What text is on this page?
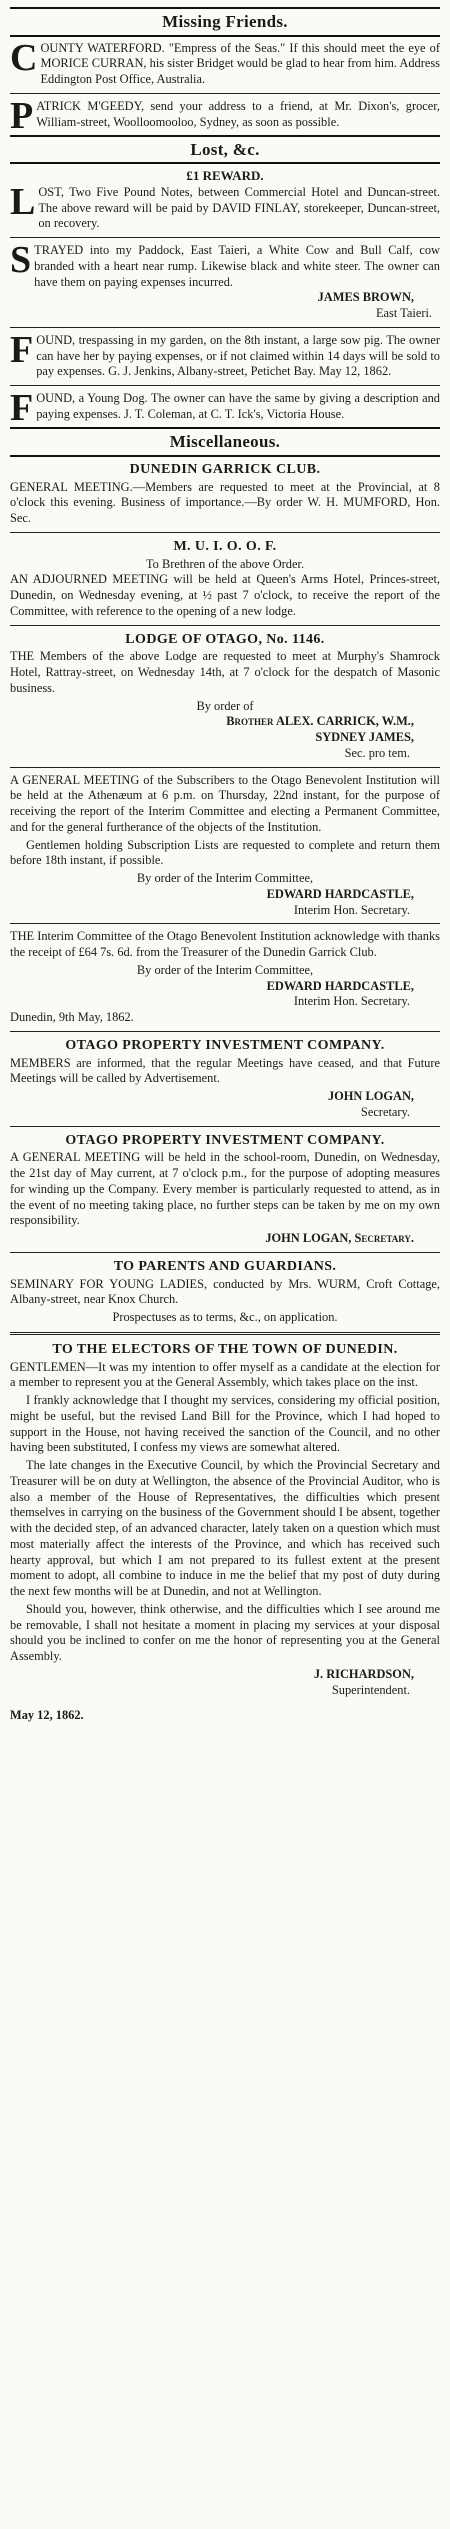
Missing Friends.
COUNTY WATERFORD. "Empress of the Seas." If this should meet the eye of MORICE CURRAN, his sister Bridget would be glad to hear from him. Address Eddington Post Office, Australia.
PATRICK M'GEEDY, send your address to a friend, at Mr. Dixon's, grocer, William-street, Woolloomooloo, Sydney, as soon as possible.
Lost, &c.
£1 REWARD.
LOST, Two Five Pound Notes, between Commercial Hotel and Duncan-street. The above reward will be paid by DAVID FINLAY, storekeeper, Duncan-street, on recovery.
STRAYED into my Paddock, East Taieri, a White Cow and Bull Calf, cow branded with a heart near rump. Likewise black and white steer. The owner can have them on paying expenses incurred.
JAMES BROWN,
East Taieri.
FOUND, trespassing in my garden, on the 8th instant, a large sow pig. The owner can have her by paying expenses, or if not claimed within 14 days will be sold to pay expenses. G. J. Jenkins, Albany-street, Petichet Bay. May 12, 1862.
FOUND, a Young Dog. The owner can have the same by giving a description and paying expenses. J. T. Coleman, at C. T. Ick's, Victoria House.
Miscellaneous.
DUNEDIN GARRICK CLUB.

GENERAL MEETING.—Members are requested to meet at the Provincial, at 8 o'clock this evening. Business of importance.—By order W. H. MUMFORD, Hon. Sec.

M. U. I. O. O. F.
To Brethren of the above Order.

AN ADJOURNED MEETING will be held at Queen's Arms Hotel, Princes-street, Dunedin, on Wednesday evening, at ½ past 7 o'clock, to receive the report of the Committee, with reference to the opening of a new lodge.

LODGE OF OTAGO, No. 1146.

THE Members of the above Lodge are requested to meet at Murphy's Shamrock Hotel, Rattray-street, on Wednesday 14th, at 7 o'clock for the despatch of Masonic business.

By order of
Brother ALEX. CARRICK, W.M.,
SYDNEY JAMES,
Sec. pro tem.

A GENERAL MEETING of the Subscribers to the Otago Benevolent Institution will be held at the Athenæum at 6 p.m. on Thursday, 22nd instant, for the purpose of receiving the report of the Interim Committee and electing a Permanent Committee, and for the general furtherance of the objects of the Institution.

Gentlemen holding Subscription Lists are requested to complete and return them before 18th instant, if possible.

By order of the Interim Committee,
EDWARD HARDCASTLE,
Interim Hon. Secretary.

THE Interim Committee of the Otago Benevolent Institution acknowledge with thanks the receipt of £64 7s. 6d. from the Treasurer of the Dunedin Garrick Club.

By order of the Interim Committee,
EDWARD HARDCASTLE,
Interim Hon. Secretary.
Dunedin, 9th May, 1862.
OTAGO PROPERTY INVESTMENT COMPANY.

MEMBERS are informed, that the regular Meetings have ceased, and that Future Meetings will be called by Advertisement.

JOHN LOGAN,
Secretary.
OTAGO PROPERTY INVESTMENT COMPANY.

A GENERAL MEETING will be held in the school-room, Dunedin, on Wednesday, the 21st day of May current, at 7 o'clock p.m., for the purpose of adopting measures for winding up the Company. Every member is particularly requested to attend, as in the event of no meeting taking place, no further steps can be taken by me on my own responsibility.

JOHN LOGAN, Secretary.
TO PARENTS AND GUARDIANS.

SEMINARY FOR YOUNG LADIES, conducted by Mrs. WURM, Croft Cottage, Albany-street, near Knox Church.

Prospectuses as to terms, &c., on application.
TO THE ELECTORS OF THE TOWN OF DUNEDIN.

GENTLEMEN—It was my intention to offer myself as a candidate at the election for a member to represent you at the General Assembly, which takes place on the inst.

I frankly acknowledge that I thought my services, considering my official position, might be useful, but the revised Land Bill for the Province, which I had hoped to support in the House, not having received the sanction of the Council, and no other having been substituted, I confess my views are somewhat altered.

The late changes in the Executive Council, by which the Provincial Secretary and Treasurer will be on duty at Wellington, the absence of the Provincial Auditor, who is also a member of the House of Representatives, the difficulties which present themselves in carrying on the business of the Government should I be absent, together with the decided step, of an advanced character, lately taken on a question which must most materially affect the interests of the Province, and which has received such hearty approval, but which I am not prepared to its fullest extent at the present moment to adopt, all combine to induce in me the belief that my post of duty during the next few months will be at Dunedin, and not at Wellington.

Should you, however, think otherwise, and the difficulties which I see around me be removable, I shall not hesitate a moment in placing my services at your disposal should you be inclined to confer on me the honor of representing you at the General Assembly.

J. RICHARDSON,
Superintendent.
May 12, 1862.
